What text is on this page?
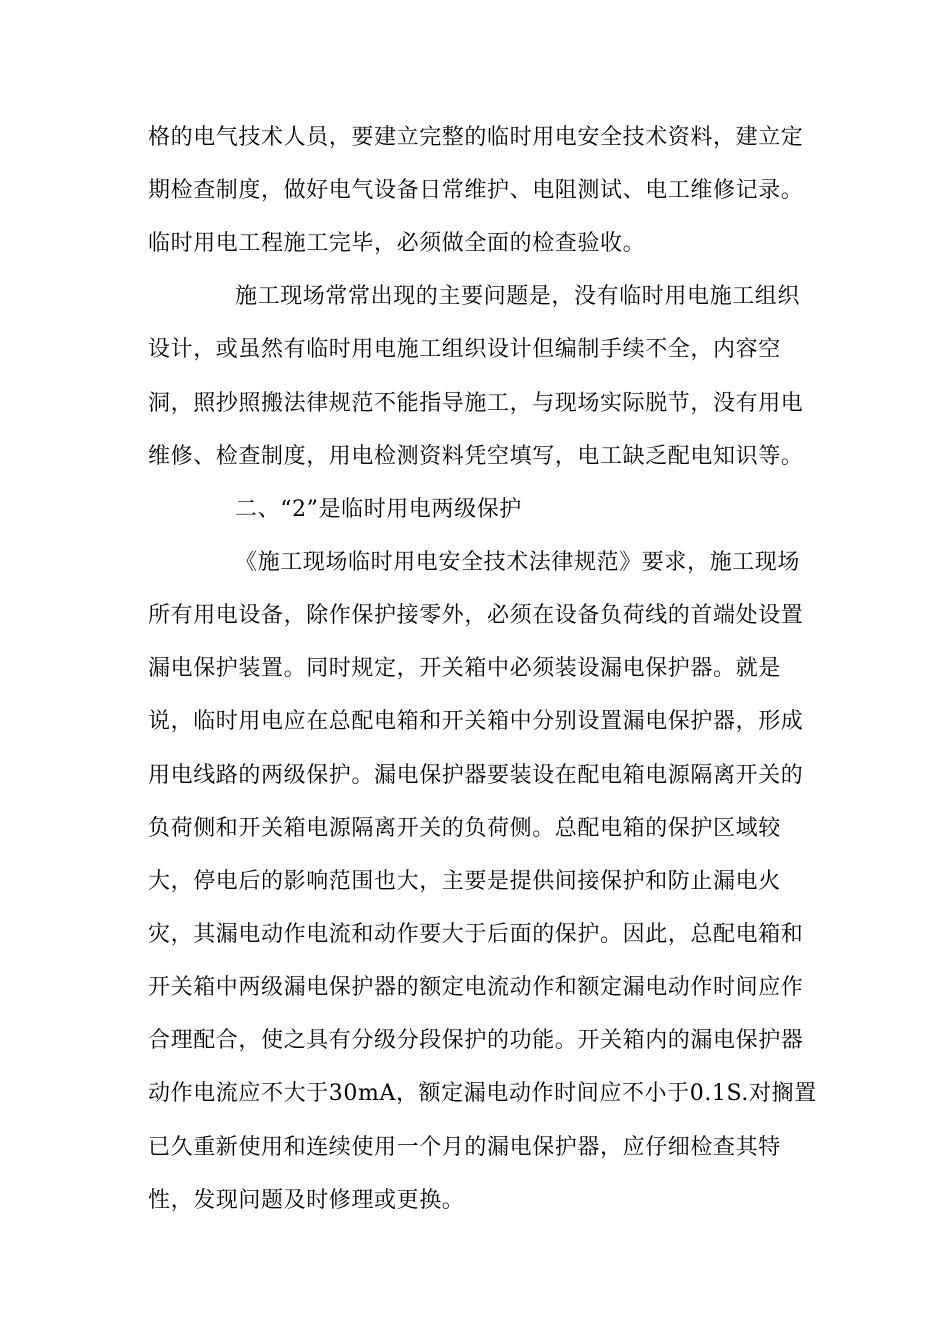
格的电气技术人员，要建立完整的临时用电安全技术资料，建立定
期检查制度，做好电气设备日常维护、电阻测试、电工维修记录。
临时用电工程施工完毕，必须做全面的检查验收。
施工现场常常出现的主要问题是，没有临时用电施工组织
设计，或虽然有临时用电施工组织设计但编制手续不全，内容空
洞，照抄照搬法律规范不能指导施工，与现场实际脱节，没有用电
维修、检查制度，用电检测资料凭空填写，电工缺乏配电知识等。
二、“2”是临时用电两级保护
《施工现场临时用电安全技术法律规范》要求，施工现场
所有用电设备，除作保护接零外，必须在设备负荷线的首端处设置
漏电保护装置。同时规定，开关箱中必须装设漏电保护器。就是
说，临时用电应在总配电箱和开关箱中分别设置漏电保护器，形成
用电线路的两级保护。漏电保护器要装设在配电箱电源隔离开关的
负荷侧和开关箱电源隔离开关的负荷侧。总配电箱的保护区域较
大，停电后的影响范围也大，主要是提供间接保护和防止漏电火
灾，其漏电动作电流和动作要大于后面的保护。因此，总配电箱和
开关箱中两级漏电保护器的额定电流动作和额定漏电动作时间应作
合理配合，使之具有分级分段保护的功能。开关箱内的漏电保护器
动作电流应不大于30mA，额定漏电动作时间应不小于0.1S.对搁置
已久重新使用和连续使用一个月的漏电保护器，应仔细检查其特
性，发现问题及时修理或更换。
